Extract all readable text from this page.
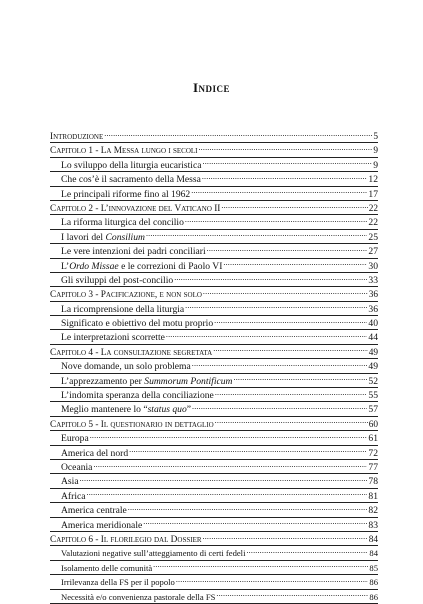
Indice
Introduzione .....	5
Capitolo 1 - La Messa lungo i secoli .....	9
Lo sviluppo della liturgia eucaristica .....	9
Che cos’è il sacramento della Messa .....	12
Le principali riforme fino al 1962 .....	17
Capitolo 2 - L’innovazione del Vaticano II .....	22
La riforma liturgica del concilio .....	22
I lavori del Consilium .....	25
Le vere intenzioni dei padri conciliari .....	27
L’Ordo Missae e le correzioni di Paolo VI .....	30
Gli sviluppi del post-concilio .....	33
Capitolo 3 - Pacificazione, e non solo .....	36
La ricomprensione della liturgia .....	36
Significato e obiettivo del motu proprio .....	40
Le interpretazioni scorrette .....	44
Capitolo 4 - La consultazione segretata .....	49
Nove domande, un solo problema .....	49
L’apprezzamento per Summorum Pontificum .....	52
L’indomita speranza della conciliazione .....	55
Meglio mantenere lo “status quo” .....	57
Capitolo 5 - Il questionario in dettaglio .....	60
Europa .....	61
America del nord .....	72
Oceania .....	77
Asia .....	78
Africa .....	81
America centrale .....	82
America meridionale .....	83
Capitolo 6 - Il florilegio dal Dossier .....	84
Valutazioni negative sull’atteggiamento di certi fedeli .....	84
Isolamento delle comunità .....	85
Irrilevanza della FS per il popolo .....	86
Necessità e/o convenienza pastorale della FS .....	86
